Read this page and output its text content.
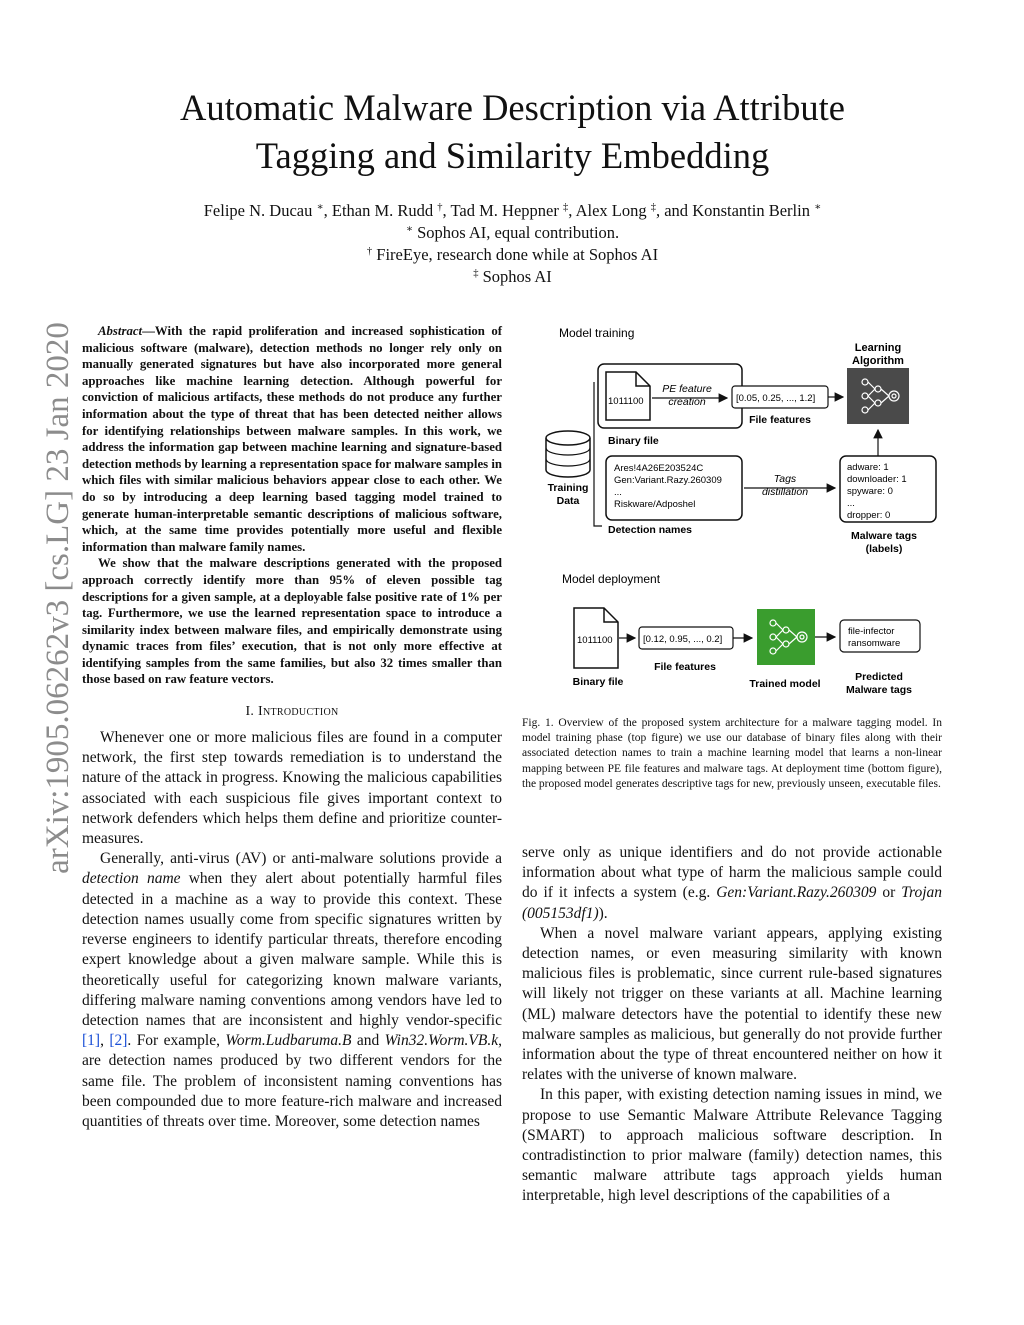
arXiv:1905.06262v3 [cs.LG] 23 Jan 2020
Automatic Malware Description via Attribute
Tagging and Similarity Embedding
Felipe N. Ducau ∗, Ethan M. Rudd †, Tad M. Heppner ‡, Alex Long ‡, and Konstantin Berlin ∗
∗ Sophos AI, equal contribution.
† FireEye, research done while at Sophos AI
‡ Sophos AI

Abstract—With the rapid proliferation and increased sophistication of malicious software (malware), detection methods no longer rely only on manually generated signatures but have also incorporated more general approaches like machine learning detection. Although powerful for conviction of malicious artifacts, these methods do not produce any further information about the type of threat that has been detected neither allows for identifying relationships between malware samples. In this work, we address the information gap between machine learning and signature-based detection methods by learning a representation space for malware samples in which files with similar malicious behaviors appear close to each other. We do so by introducing a deep learning based tagging model trained to generate human-interpretable semantic descriptions of malicious software, which, at the same time provides potentially more useful and flexible information than malware family names.

We show that the malware descriptions generated with the proposed approach correctly identify more than 95% of eleven possible tag descriptions for a given sample, at a deployable false positive rate of 1% per tag. Furthermore, we use the learned representation space to introduce a similarity index between malware files, and empirically demonstrate using dynamic traces from files’ execution, that is not only more effective at identifying samples from the same families, but also 32 times smaller than those based on raw feature vectors.

I. Introduction

Whenever one or more malicious files are found in a computer network, the first step towards remediation is to understand the nature of the attack in progress. Knowing the malicious capabilities associated with each suspicious file gives important context to network defenders which helps them define and prioritize counter-measures.

Generally, anti-virus (AV) or anti-malware solutions provide a detection name when they alert about potentially harmful files detected in a machine as a way to provide this context. These detection names usually come from specific signatures written by reverse engineers to identify particular threats, therefore encoding expert knowledge about a given malware sample. While this is theoretically useful for categorizing known malware variants, differing malware naming conventions among vendors have led to detection names that are inconsistent and highly vendor-specific [1], [2]. For example, Worm.Ludbaruma.B and Win32.Worm.VB.k, are detection names produced by two different vendors for the same file. The problem of inconsistent naming conventions has been compounded due to more feature-rich malware and increased quantities of threats over time. Moreover, some detection names

Model training
Learning
Algorithm
1011100
Binary file
PE feature
creation	[0.05, 0.25, ..., 1.2]
File features
Training
Data
Ares!4A26E203524C
Gen:Variant.Razy.260309
...
Riskware/Adposhel
Detection names
Tags
distillation
adware: 1
downloader: 1
spyware: 0
...
dropper: 0
Malware tags
(labels)
Model deployment
1011100
Binary file
[0.12, 0.95, ..., 0.2]
File features
Trained model
file-infector
ransomware
Predicted
Malware tags

Fig. 1. Overview of the proposed system architecture for a malware tagging model. In model training phase (top figure) we use our database of binary files along with their associated detection names to train a machine learning model that learns a non-linear mapping between PE file features and malware tags. At deployment time (bottom figure), the proposed model generates descriptive tags for new, previously unseen, executable files.

serve only as unique identifiers and do not provide actionable information about what type of harm the malicious sample could do if it infects a system (e.g. Gen:Variant.Razy.260309 or Trojan (005153df1)).

When a novel malware variant appears, applying existing detection names, or even measuring similarity with known malicious files is problematic, since current rule-based signatures will likely not trigger on these variants at all. Machine learning (ML) malware detectors have the potential to identify these new malware samples as malicious, but generally do not provide further information about the type of threat encountered neither on how it relates with the universe of known malware.

In this paper, with existing detection naming issues in mind, we propose to use Semantic Malware Attribute Relevance Tagging (SMART) to approach malicious software description. In contradistinction to prior malware (family) detection names, this semantic malware attribute tags approach yields human interpretable, high level descriptions of the capabilities of a
